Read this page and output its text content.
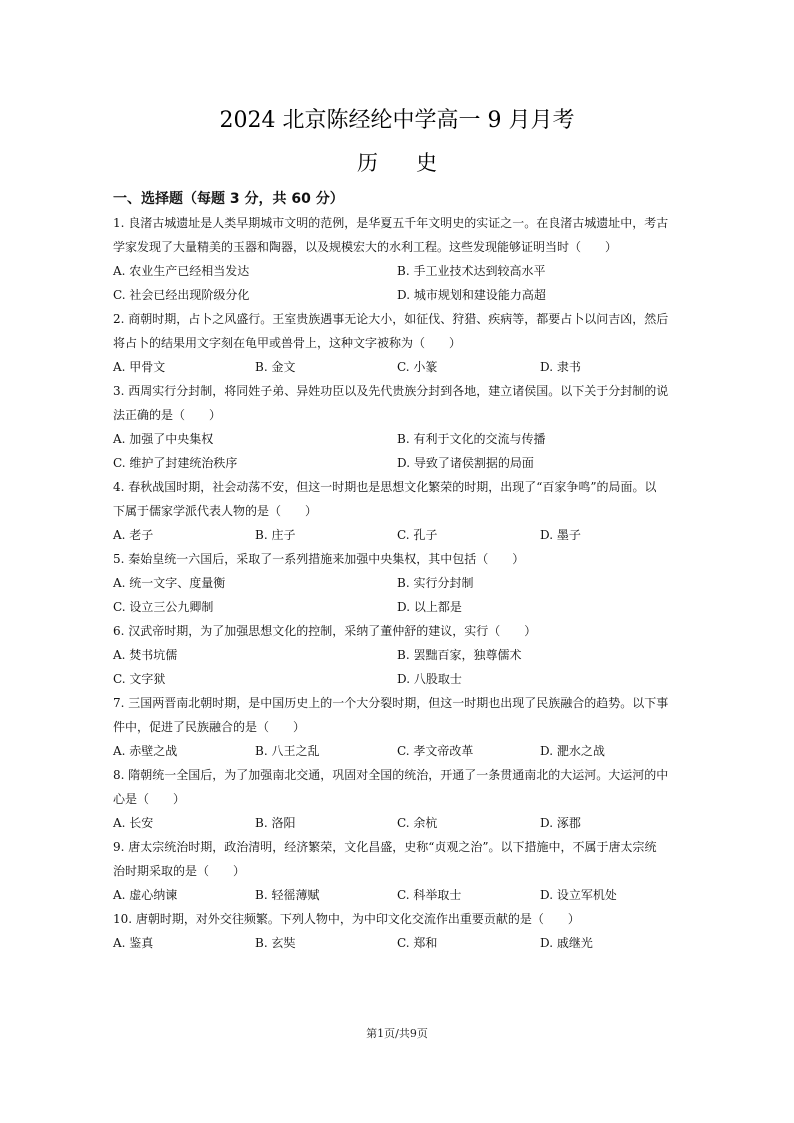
2024 北京陈经纶中学高一 9 月月考
历史
一、选择题（每题 3 分，共 60 分）
1. 良渚古城遗址是人类早期城市文明的范例，是华夏五千年文明史的实证之一。在良渚古城遗址中，考古
学家发现了大量精美的玉器和陶器，以及规模宏大的水利工程。这些发现能够证明当时（　　）
A. 农业生产已经相当发达	B. 手工业技术达到较高水平
C. 社会已经出现阶级分化	D. 城市规划和建设能力高超
2. 商朝时期，占卜之风盛行。王室贵族遇事无论大小，如征伐、狩猎、疾病等，都要占卜以问吉凶，然后
将占卜的结果用文字刻在龟甲或兽骨上，这种文字被称为（　　）
A. 甲骨文	B. 金文	C. 小篆	D. 隶书
3. 西周实行分封制，将同姓子弟、异姓功臣以及先代贵族分封到各地，建立诸侯国。以下关于分封制的说
法正确的是（　　）
A. 加强了中央集权	B. 有利于文化的交流与传播
C. 维护了封建统治秩序	D. 导致了诸侯割据的局面
4. 春秋战国时期，社会动荡不安，但这一时期也是思想文化繁荣的时期，出现了“百家争鸣”的局面。以
下属于儒家学派代表人物的是（　　）
A. 老子	B. 庄子	C. 孔子	D. 墨子
5. 秦始皇统一六国后，采取了一系列措施来加强中央集权，其中包括（　　）
A. 统一文字、度量衡	B. 实行分封制
C. 设立三公九卿制	D. 以上都是
6. 汉武帝时期，为了加强思想文化的控制，采纳了董仲舒的建议，实行（　　）
A. 焚书坑儒	B. 罢黜百家，独尊儒术
C. 文字狱	D. 八股取士
7. 三国两晋南北朝时期，是中国历史上的一个大分裂时期，但这一时期也出现了民族融合的趋势。以下事
件中，促进了民族融合的是（　　）
A. 赤壁之战	B. 八王之乱	C. 孝文帝改革	D. 淝水之战
8. 隋朝统一全国后，为了加强南北交通，巩固对全国的统治，开通了一条贯通南北的大运河。大运河的中
心是（　　）
A. 长安	B. 洛阳	C. 余杭	D. 涿郡
9. 唐太宗统治时期，政治清明，经济繁荣，文化昌盛，史称“贞观之治”。以下措施中，不属于唐太宗统
治时期采取的是（　　）
A. 虚心纳谏	B. 轻徭薄赋	C. 科举取士	D. 设立军机处
10. 唐朝时期，对外交往频繁。下列人物中，为中印文化交流作出重要贡献的是（　　）
A. 鉴真	B. 玄奘	C. 郑和	D. 戚继光
第1页/共9页
